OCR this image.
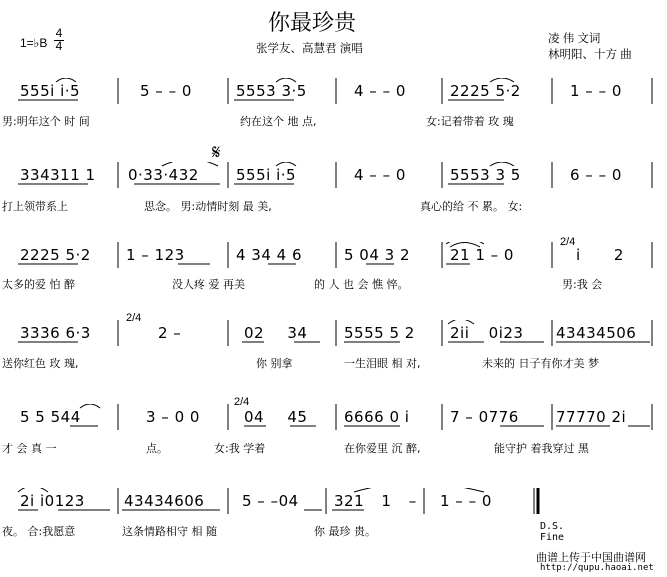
你最珍贵
1=♭B
4
4	张学友、高慧君 演唱
凌 伟 文词
林明阳、十方 曲
555i i·5	5 – – 0	5553 3·5	4 – – 0	2225 5·2	1 – – 0
男:明年这个 时 间	约在这个 地 点,	女:记着带着 玫 瑰
𝄋
334311 1 0·33·432 555i i·5	4 – – 0	5553 3 5	6 – – 0
打上领带系上	思念。 男:动情时刻 最 美,	真心的给 不 累。 女:
2/4
2225 5·2 1 – 123	4 34 4 6	5 04 3 2	21 1 – 0	i 2
太多的爱 怕 醉	没人疼 爱 再美	的 人 也 会 憔 悴。	男:我 会
2/4
3336 6·3	2 –	02 34 5555 5 2 2ii 0i23 43434506
送你红色 玫 瑰,	你 别拿	一生泪眼 相 对,	未来的 日子有你才美 梦
2/4
5 5 544	3 – 0 0	04 45 6666 0 i	7 – 0776 77770 2i
才 会 真 一	点。	女:我 学着	在你爱里 沉 醉,	能守护 着我穿过 黑
2i i0123	43434606	5 – –04 321 1 – 1 – – 0
夜。 合:我愿意	这条情路相守 相 随	你 最珍 贵。	D.S.
Fine
曲谱上传于中国曲谱网
http://qupu.haoai.net
